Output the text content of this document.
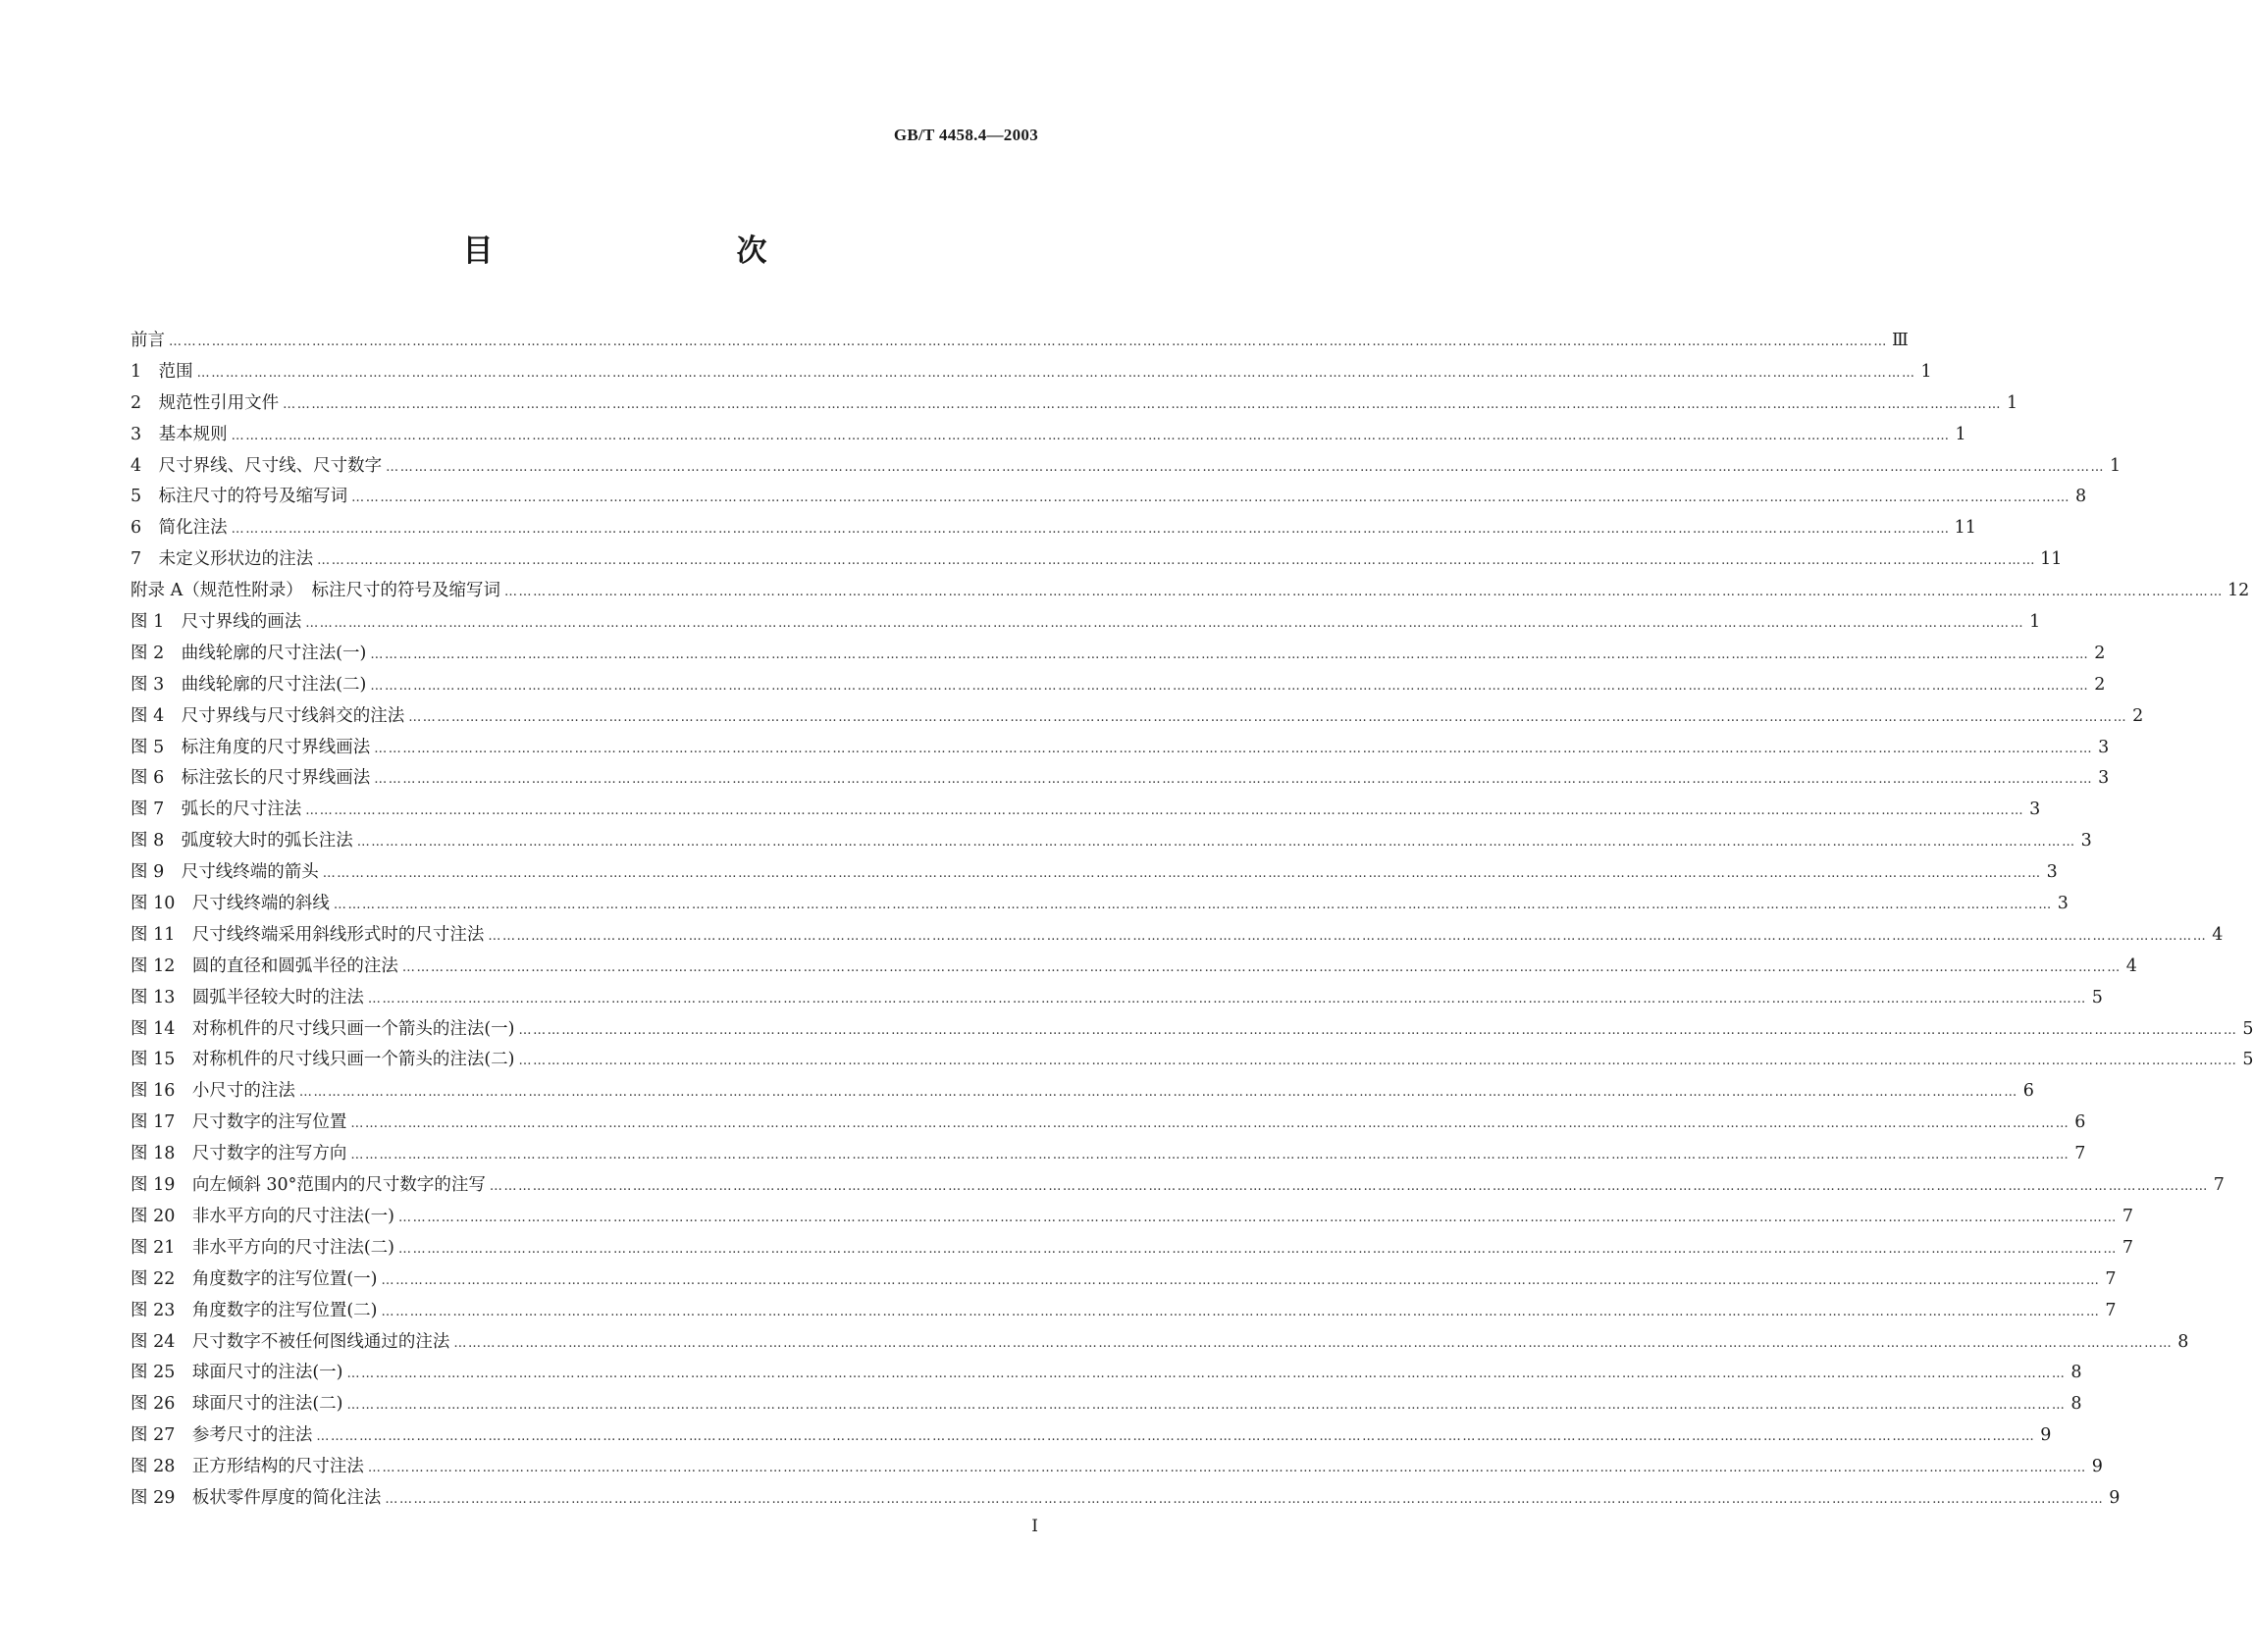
GB/T 4458.4—2003
目　　次
前言 ……………………………………………………………………………………………………………………………………………………………………………………………………………………………………………………………………………………………………………………………… Ⅲ
1　范围 ……………………………………………………………………………………………………………………………………………………………………………………………………………………………………………………………………………………………………………………………… 1
2　规范性引用文件 ……………………………………………………………………………………………………………………………………………………………………………………………………………………………………………………………………………………………………………………………… 1
3　基本规则 ……………………………………………………………………………………………………………………………………………………………………………………………………………………………………………………………………………………………………………………………… 1
4　尺寸界线、尺寸线、尺寸数字 ……………………………………………………………………………………………………………………………………………………………………………………………………………………………………………………………………………………………………………………………… 1
5　标注尺寸的符号及缩写词 ……………………………………………………………………………………………………………………………………………………………………………………………………………………………………………………………………………………………………………………………… 8
6　简化注法 ……………………………………………………………………………………………………………………………………………………………………………………………………………………………………………………………………………………………………………………………… 11
7　未定义形状边的注法 ……………………………………………………………………………………………………………………………………………………………………………………………………………………………………………………………………………………………………………………………… 11
附录 A（规范性附录）　标注尺寸的符号及缩写词 ……………………………………………………………………………………………………………………………………………………………………………………………………………………………………………………………………………………………………………………………… 12
图 1　尺寸界线的画法 ……………………………………………………………………………………………………………………………………………………………………………………………………………………………………………………………………………………………………………………………… 1
图 2　曲线轮廓的尺寸注法(一) ……………………………………………………………………………………………………………………………………………………………………………………………………………………………………………………………………………………………………………………………… 2
图 3　曲线轮廓的尺寸注法(二) ……………………………………………………………………………………………………………………………………………………………………………………………………………………………………………………………………………………………………………………………… 2
图 4　尺寸界线与尺寸线斜交的注法 ……………………………………………………………………………………………………………………………………………………………………………………………………………………………………………………………………………………………………………………………… 2
图 5　标注角度的尺寸界线画法 ……………………………………………………………………………………………………………………………………………………………………………………………………………………………………………………………………………………………………………………………… 3
图 6　标注弦长的尺寸界线画法 ……………………………………………………………………………………………………………………………………………………………………………………………………………………………………………………………………………………………………………………………… 3
图 7　弧长的尺寸注法 ……………………………………………………………………………………………………………………………………………………………………………………………………………………………………………………………………………………………………………………………… 3
图 8　弧度较大时的弧长注法 ……………………………………………………………………………………………………………………………………………………………………………………………………………………………………………………………………………………………………………………………… 3
图 9　尺寸线终端的箭头 ……………………………………………………………………………………………………………………………………………………………………………………………………………………………………………………………………………………………………………………………… 3
图 10　尺寸线终端的斜线 ……………………………………………………………………………………………………………………………………………………………………………………………………………………………………………………………………………………………………………………………… 3
图 11　尺寸线终端采用斜线形式时的尺寸注法 ……………………………………………………………………………………………………………………………………………………………………………………………………………………………………………………………………………………………………………………………… 4
图 12　圆的直径和圆弧半径的注法 ……………………………………………………………………………………………………………………………………………………………………………………………………………………………………………………………………………………………………………………………… 4
图 13　圆弧半径较大时的注法 ……………………………………………………………………………………………………………………………………………………………………………………………………………………………………………………………………………………………………………………………… 5
图 14　对称机件的尺寸线只画一个箭头的注法(一) ……………………………………………………………………………………………………………………………………………………………………………………………………………………………………………………………………………………………………………………………… 5
图 15　对称机件的尺寸线只画一个箭头的注法(二) ……………………………………………………………………………………………………………………………………………………………………………………………………………………………………………………………………………………………………………………………… 5
图 16　小尺寸的注法 ……………………………………………………………………………………………………………………………………………………………………………………………………………………………………………………………………………………………………………………………… 6
图 17　尺寸数字的注写位置 ……………………………………………………………………………………………………………………………………………………………………………………………………………………………………………………………………………………………………………………………… 6
图 18　尺寸数字的注写方向 ……………………………………………………………………………………………………………………………………………………………………………………………………………………………………………………………………………………………………………………………… 7
图 19　向左倾斜 30°范围内的尺寸数字的注写 ……………………………………………………………………………………………………………………………………………………………………………………………………………………………………………………………………………………………………………………………… 7
图 20　非水平方向的尺寸注法(一) ……………………………………………………………………………………………………………………………………………………………………………………………………………………………………………………………………………………………………………………………… 7
图 21　非水平方向的尺寸注法(二) ……………………………………………………………………………………………………………………………………………………………………………………………………………………………………………………………………………………………………………………………… 7
图 22　角度数字的注写位置(一) ……………………………………………………………………………………………………………………………………………………………………………………………………………………………………………………………………………………………………………………………… 7
图 23　角度数字的注写位置(二) ……………………………………………………………………………………………………………………………………………………………………………………………………………………………………………………………………………………………………………………………… 7
图 24　尺寸数字不被任何图线通过的注法 ……………………………………………………………………………………………………………………………………………………………………………………………………………………………………………………………………………………………………………………………… 8
图 25　球面尺寸的注法(一) ……………………………………………………………………………………………………………………………………………………………………………………………………………………………………………………………………………………………………………………………… 8
图 26　球面尺寸的注法(二) ……………………………………………………………………………………………………………………………………………………………………………………………………………………………………………………………………………………………………………………………… 8
图 27　参考尺寸的注法 ……………………………………………………………………………………………………………………………………………………………………………………………………………………………………………………………………………………………………………………………… 9
图 28　正方形结构的尺寸注法 ……………………………………………………………………………………………………………………………………………………………………………………………………………………………………………………………………………………………………………………………… 9
图 29　板状零件厚度的简化注法 ……………………………………………………………………………………………………………………………………………………………………………………………………………………………………………………………………………………………………………………………… 9
I
